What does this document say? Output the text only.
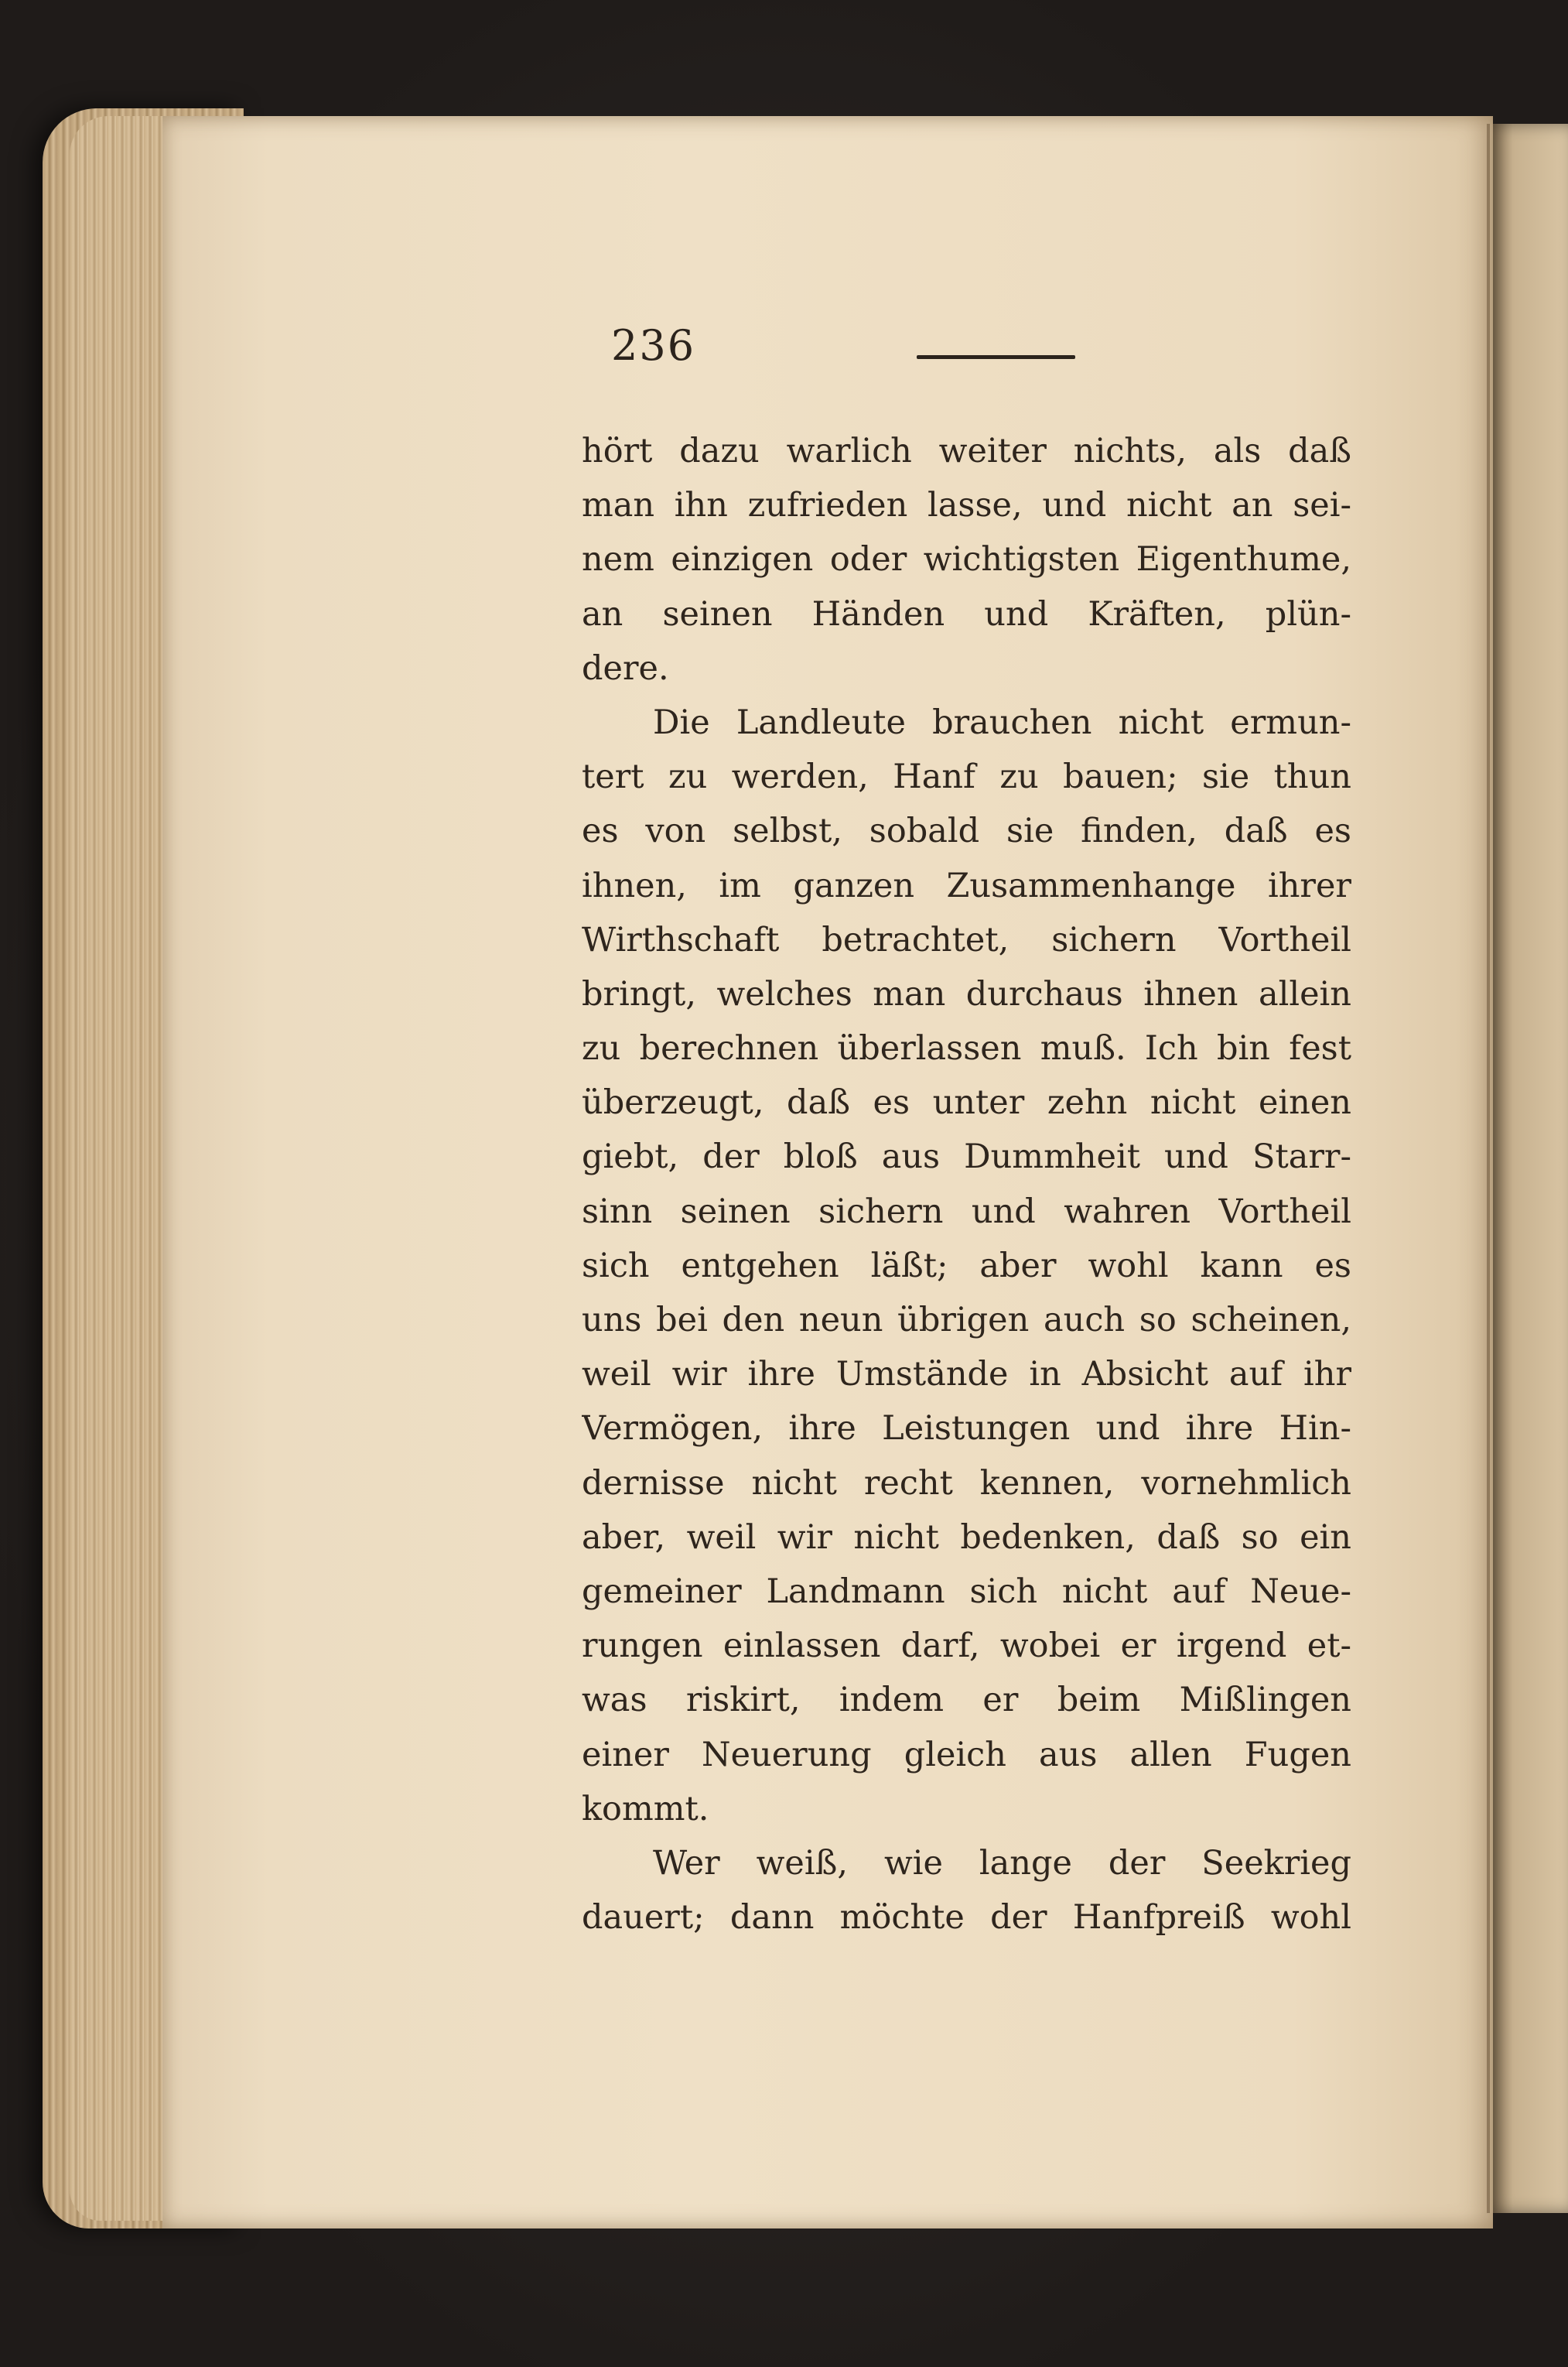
236
hört dazu warlich weiter nichts, als daß
man ihn zufrieden lasse, und nicht an sei-
nem einzigen oder wichtigsten Eigenthume,
an seinen Händen und Kräften, plün-
dere.
Die Landleute brauchen nicht ermun-
tert zu werden, Hanf zu bauen; sie thun
es von selbst, sobald sie finden, daß es
ihnen, im ganzen Zusammenhange ihrer
Wirthschaft betrachtet, sichern Vortheil
bringt, welches man durchaus ihnen allein
zu berechnen überlassen muß. Ich bin fest
überzeugt, daß es unter zehn nicht einen
giebt, der bloß aus Dummheit und Starr-
sinn seinen sichern und wahren Vortheil
sich entgehen läßt; aber wohl kann es
uns bei den neun übrigen auch so scheinen,
weil wir ihre Umstände in Absicht auf ihr
Vermögen, ihre Leistungen und ihre Hin-
dernisse nicht recht kennen, vornehmlich
aber, weil wir nicht bedenken, daß so ein
gemeiner Landmann sich nicht auf Neue-
rungen einlassen darf, wobei er irgend et-
was riskirt, indem er beim Mißlingen
einer Neuerung gleich aus allen Fugen
kommt.
Wer weiß, wie lange der Seekrieg
dauert; dann möchte der Hanfpreiß wohl
